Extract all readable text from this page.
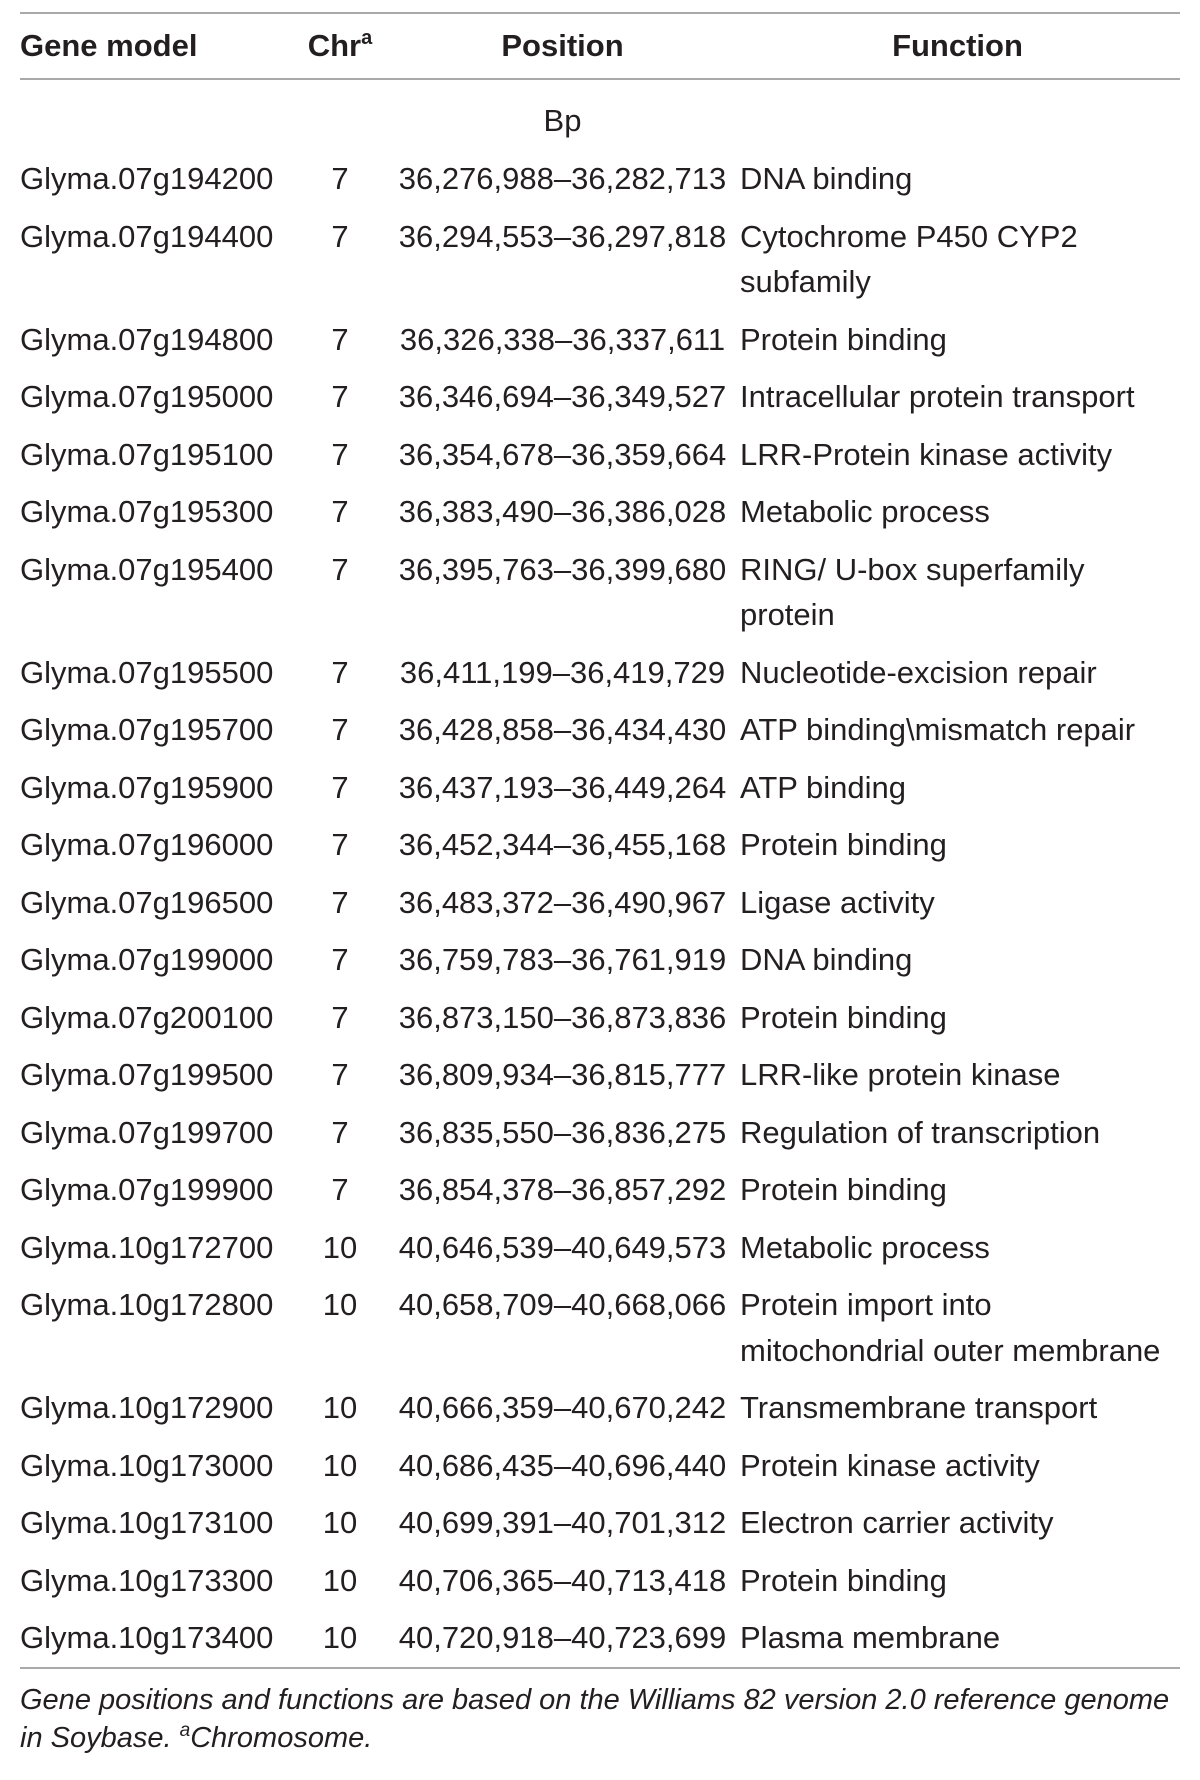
Gene model	Chr$^a$	Position	Function
		Bp	
Glyma.07g194200	7	36,276,988–36,282,713	DNA binding

Glyma.07g194400	7	36,294,553–36,297,818	Cytochrome P450 CYP2 subfamily

Glyma.07g194800	7	36,326,338–36,337,611	Protein binding

Glyma.07g195000	7	36,346,694–36,349,527	Intracellular protein transport

Glyma.07g195100	7	36,354,678–36,359,664	LRR-Protein kinase activity

Glyma.07g195300	7	36,383,490–36,386,028	Metabolic process

Glyma.07g195400	7	36,395,763–36,399,680	RING/ U-box superfamily protein

Glyma.07g195500	7	36,411,199–36,419,729	Nucleotide-excision repair

Glyma.07g195700	7	36,428,858–36,434,430	ATP binding\mismatch repair

Glyma.07g195900	7	36,437,193–36,449,264	ATP binding

Glyma.07g196000	7	36,452,344–36,455,168	Protein binding

Glyma.07g196500	7	36,483,372–36,490,967	Ligase activity

Glyma.07g199000	7	36,759,783–36,761,919	DNA binding

Glyma.07g200100	7	36,873,150–36,873,836	Protein binding

Glyma.07g199500	7	36,809,934–36,815,777	LRR-like protein kinase

Glyma.07g199700	7	36,835,550–36,836,275	Regulation of transcription

Glyma.07g199900	7	36,854,378–36,857,292	Protein binding

Glyma.10g172700	10	40,646,539–40,649,573	Metabolic process

Glyma.10g172800	10	40,658,709–40,668,066	Protein import into mitochondrial outer membrane

Glyma.10g172900	10	40,666,359–40,670,242	Transmembrane transport

Glyma.10g173000	10	40,686,435–40,696,440	Protein kinase activity

Glyma.10g173100	10	40,699,391–40,701,312	Electron carrier activity

Glyma.10g173300	10	40,706,365–40,713,418	Protein binding

Glyma.10g173400	10	40,720,918–40,723,699	Plasma membrane

Gene positions and functions are based on the Williams 82 version 2.0 reference genome in Soybase. $^a$Chromosome.			
